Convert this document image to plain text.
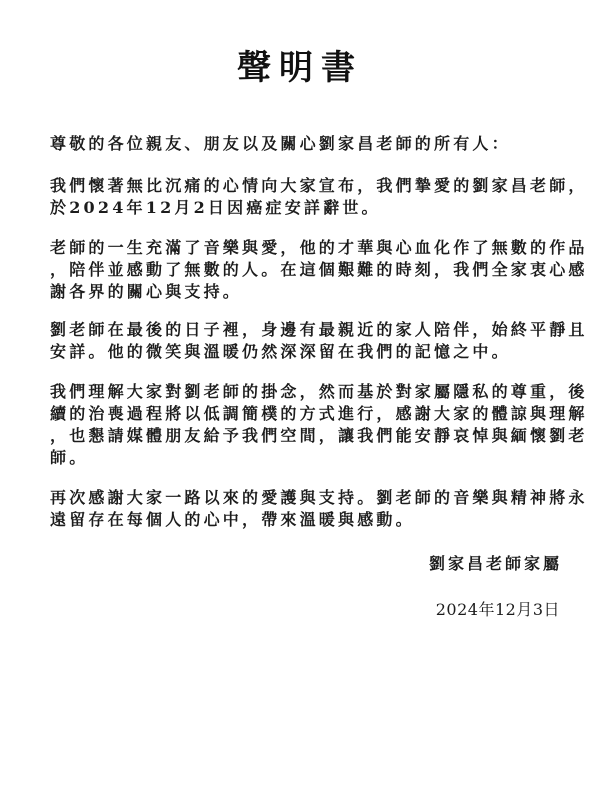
聲明書
尊敬的各位親友、朋友以及關心劉家昌老師的所有人：
我們懷著無比沉痛的心情向大家宣布，我們摯愛的劉家昌老師，
於2024年12月2日因癌症安詳辭世。
老師的一生充滿了音樂與愛，他的才華與心血化作了無數的作品
，陪伴並感動了無數的人。在這個艱難的時刻，我們全家衷心感
謝各界的關心與支持。
劉老師在最後的日子裡，身邊有最親近的家人陪伴，始終平靜且
安詳。他的微笑與溫暖仍然深深留在我們的記憶之中。
我們理解大家對劉老師的掛念，然而基於對家屬隱私的尊重，後
續的治喪過程將以低調簡樸的方式進行，感謝大家的體諒與理解
，也懇請媒體朋友給予我們空間，讓我們能安靜哀悼與緬懷劉老
師。
再次感謝大家一路以來的愛護與支持。劉老師的音樂與精神將永
遠留存在每個人的心中，帶來溫暖與感動。
劉家昌老師家屬
2024年12月3日
